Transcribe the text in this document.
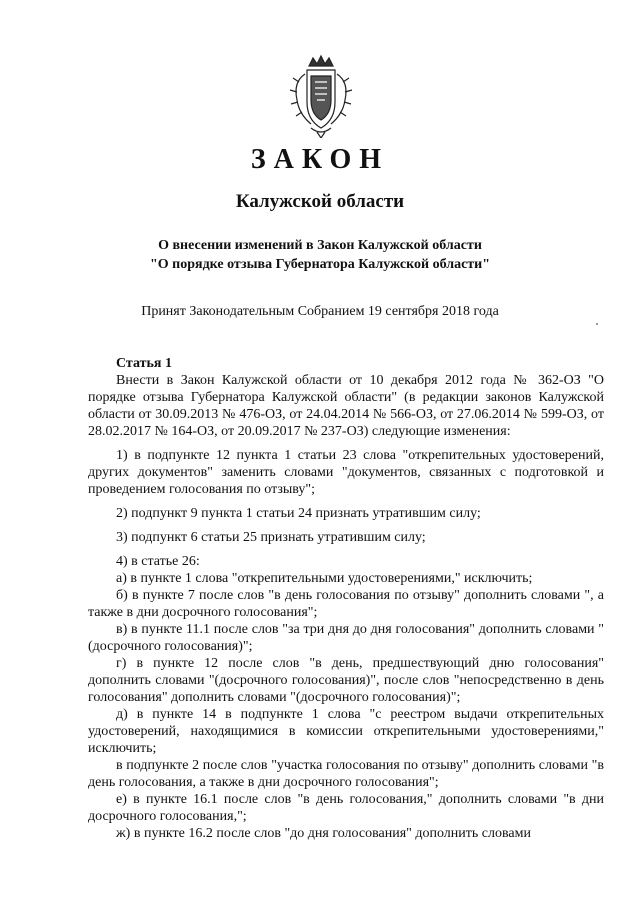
ЗАКОН
Калужской области
О внесении изменений в Закон Калужской области
"О порядке отзыва Губернатора Калужской области"
Принят Законодательным Собранием 19 сентября 2018 года
Статья 1

Внести в Закон Калужской области от 10 декабря 2012 года № 362-ОЗ "О порядке отзыва Губернатора Калужской области" (в редакции законов Калужской области от 30.09.2013 № 476-ОЗ, от 24.04.2014 № 566-ОЗ, от 27.06.2014 № 599-ОЗ, от 28.02.2017 № 164-ОЗ, от 20.09.2017 № 237-ОЗ) следующие изменения:

1) в подпункте 12 пункта 1 статьи 23 слова "открепительных удостоверений, других документов" заменить словами "документов, связанных с подготовкой и проведением голосования по отзыву";

2) подпункт 9 пункта 1 статьи 24 признать утратившим силу;

3) подпункт 6 статьи 25 признать утратившим силу;

4) в статье 26:

а) в пункте 1 слова "открепительными удостоверениями," исключить;

б) в пункте 7 после слов "в день голосования по отзыву" дополнить словами ", а также в дни досрочного голосования";

в) в пункте 11.1 после слов "за три дня до дня голосования" дополнить словами "(досрочного голосования)";

г) в пункте 12 после слов "в день, предшествующий дню голосования" дополнить словами "(досрочного голосования)", после слов "непосредственно в день голосования" дополнить словами "(досрочного голосования)";

д) в пункте 14 в подпункте 1 слова "с реестром выдачи открепительных удостоверений, находящимися в комиссии открепительными удостоверениями," исключить;

в подпункте 2 после слов "участка голосования по отзыву" дополнить словами "в день голосования, а также в дни досрочного голосования";

е) в пункте 16.1 после слов "в день голосования," дополнить словами "в дни досрочного голосования,";

ж) в пункте 16.2 после слов "до дня голосования" дополнить словами
